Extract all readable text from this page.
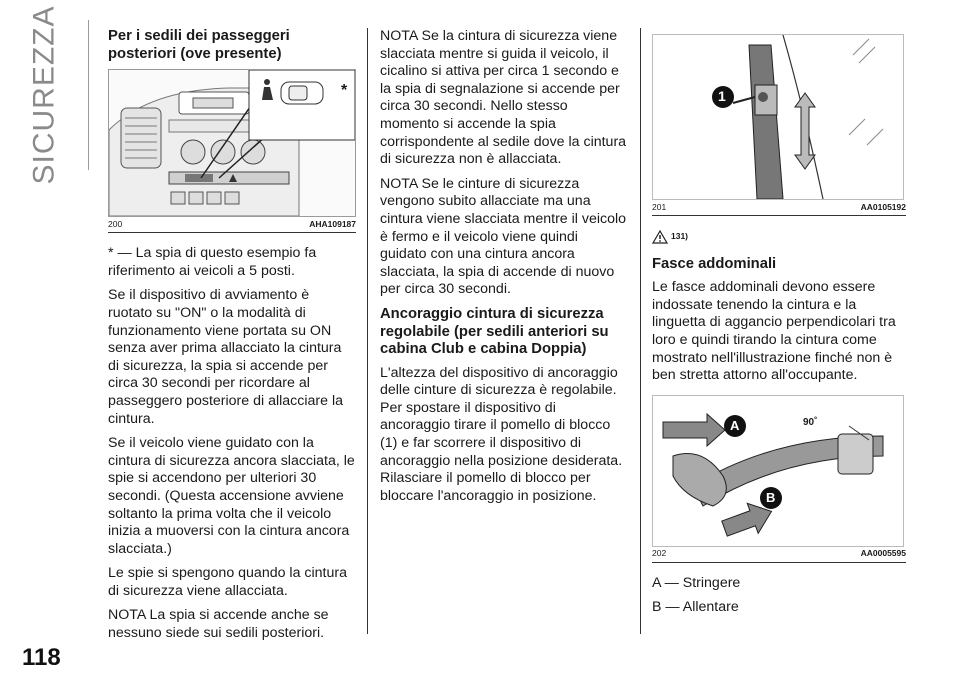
SICUREZZA
118
Per i sedili dei passeggeri posteriori (ove presente)
*
200	AHA109187

* — La spia di questo esempio fa riferimento ai veicoli a 5 posti.

Se il dispositivo di avviamento è ruotato su "ON" o la modalità di funzionamento viene portata su ON senza aver prima allacciato la cintura di sicurezza, la spia si accende per circa 30 secondi per ricordare al passeggero posteriore di allacciare la cintura.

Se il veicolo viene guidato con la cintura di sicurezza ancora slacciata, le spie si accendono per ulteriori 30 secondi. (Questa accensione avviene soltanto la prima volta che il veicolo inizia a muoversi con la cintura ancora slacciata.)

Le spie si spengono quando la cintura di sicurezza viene allacciata.

NOTA La spia si accende anche se nessuno siede sui sedili posteriori.

NOTA Se la cintura di sicurezza viene slacciata mentre si guida il veicolo, il cicalino si attiva per circa 1 secondo e la spia di segnalazione si accende per circa 30 secondi. Nello stesso momento si accende la spia corrispondente al sedile dove la cintura di sicurezza non è allacciata.

NOTA Se le cinture di sicurezza vengono subito allacciate ma una cintura viene slacciata mentre il veicolo è fermo e il veicolo viene quindi guidato con una cintura ancora slacciata, la spia di accende di nuovo per circa 30 secondi.

Ancoraggio cintura di sicurezza regolabile (per sedili anteriori su cabina Club e cabina Doppia)

L'altezza del dispositivo di ancoraggio delle cinture di sicurezza è regolabile. Per spostare il dispositivo di ancoraggio tirare il pomello di blocco (1) e far scorrere il dispositivo di ancoraggio nella posizione desiderata. Rilasciare il pomello di blocco per bloccare l'ancoraggio in posizione.

1
201	AA0105192
131)
Fasce addominali

Le fasce addominali devono essere indossate tenendo la cintura e la linguetta di aggancio perpendicolari tra loro e quindi tirando la cintura come mostrato nell'illustrazione finché non è ben stretta attorno all'occupante.

A
B
90˚
202	AA0005595

A — Stringere

B — Allentare
